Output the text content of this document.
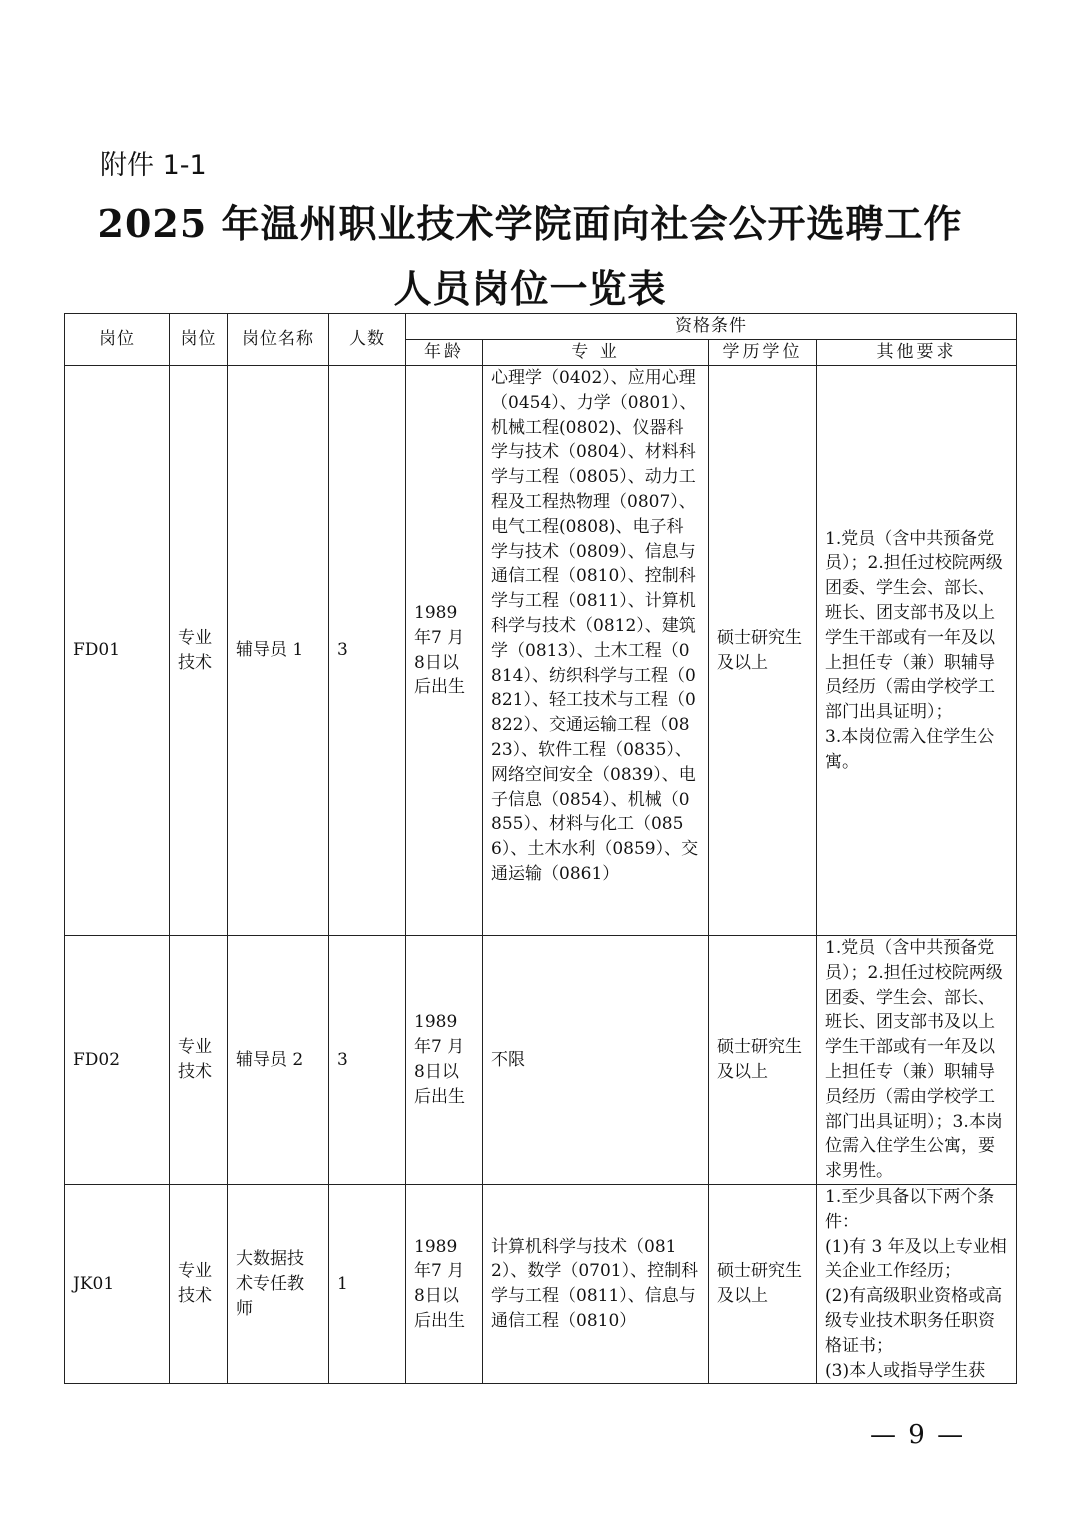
附件 1-1
2025 年温州职业技术学院面向社会公开选聘工作
人员岗位一览表
岗位	岗位	岗位名称	人数	资格条件			
				年龄	专 业	学历学位	其他要求
FD01	专业技术	辅导员 1	3	1989 年7 月 8日以后出生	心理学（0402）、应用心理（0454）、力学（0801）、机械工程(0802)、仪器科学与技术（0804）、材料科学与工程（0805）、动力工程及工程热物理（0807）、电气工程(0808)、电子科学与技术（0809）、信息与通信工程（0810）、控制科学与工程（0811）、计算机科学与技术（0812）、建筑学（0813）、土木工程（0814）、纺织科学与工程（0821）、轻工技术与工程（0822）、交通运输工程（0823）、软件工程（0835）、网络空间安全（0839）、电子信息（0854）、机械（0855）、材料与化工（0856）、土木水利（0859）、交通运输（0861）	硕士研究生及以上	1.党员（含中共预备党员）；2.担任过校院两级团委、学生会、部长、班长、团支部书及以上学生干部或有一年及以上担任专（兼）职辅导员经历（需由学校学工部门出具证明）；
3.本岗位需入住学生公寓。
FD02	专业技术	辅导员 2	3	1989 年7 月 8日以后出生	不限	硕士研究生及以上	1.党员（含中共预备党员）；2.担任过校院两级团委、学生会、部长、班长、团支部书及以上学生干部或有一年及以上担任专（兼）职辅导员经历（需由学校学工部门出具证明）；3.本岗位需入住学生公寓，要求男性。
JK01	专业技术	大数据技术专任教师	1	1989 年7 月 8日以后出生	计算机科学与技术（0812）、数学（0701）、控制科学与工程（0811）、信息与通信工程（0810）	硕士研究生及以上	1.至少具备以下两个条件：
(1)有 3 年及以上专业相关企业工作经历；
(2)有高级职业资格或高级专业技术职务任职资格证书；
(3)本人或指导学生获
— 9 —
